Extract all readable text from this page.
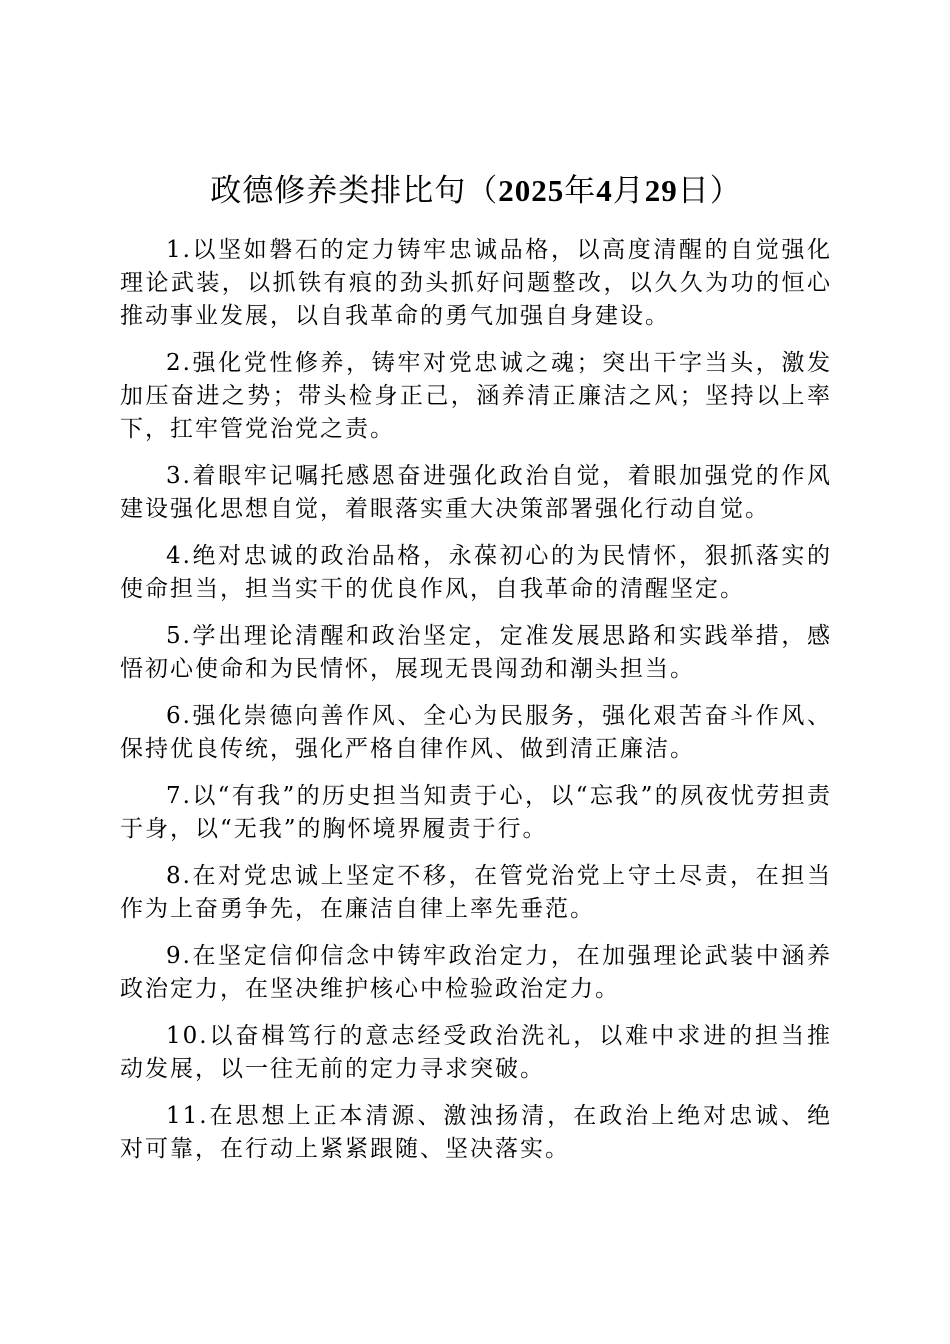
政德修养类排比句（2025年4月29日）

1.以坚如磐石的定力铸牢忠诚品格，以高度清醒的自觉强化理论武装，以抓铁有痕的劲头抓好问题整改，以久久为功的恒心推动事业发展，以自我革命的勇气加强自身建设。

2.强化党性修养，铸牢对党忠诚之魂；突出干字当头，激发加压奋进之势；带头检身正己，涵养清正廉洁之风；坚持以上率下，扛牢管党治党之责。

3.着眼牢记嘱托感恩奋进强化政治自觉，着眼加强党的作风建设强化思想自觉，着眼落实重大决策部署强化行动自觉。

4.绝对忠诚的政治品格，永葆初心的为民情怀，狠抓落实的使命担当，担当实干的优良作风，自我革命的清醒坚定。

5.学出理论清醒和政治坚定，定准发展思路和实践举措，感悟初心使命和为民情怀，展现无畏闯劲和潮头担当。

6.强化崇德向善作风、全心为民服务，强化艰苦奋斗作风、保持优良传统，强化严格自律作风、做到清正廉洁。

7.以“有我”的历史担当知责于心，以“忘我”的夙夜忧劳担责于身，以“无我”的胸怀境界履责于行。

8.在对党忠诚上坚定不移，在管党治党上守土尽责，在担当作为上奋勇争先，在廉洁自律上率先垂范。

9.在坚定信仰信念中铸牢政治定力，在加强理论武装中涵养政治定力，在坚决维护核心中检验政治定力。

10.以奋楫笃行的意志经受政治洗礼，以难中求进的担当推动发展，以一往无前的定力寻求突破。

11.在思想上正本清源、激浊扬清，在政治上绝对忠诚、绝对可靠，在行动上紧紧跟随、坚决落实。
